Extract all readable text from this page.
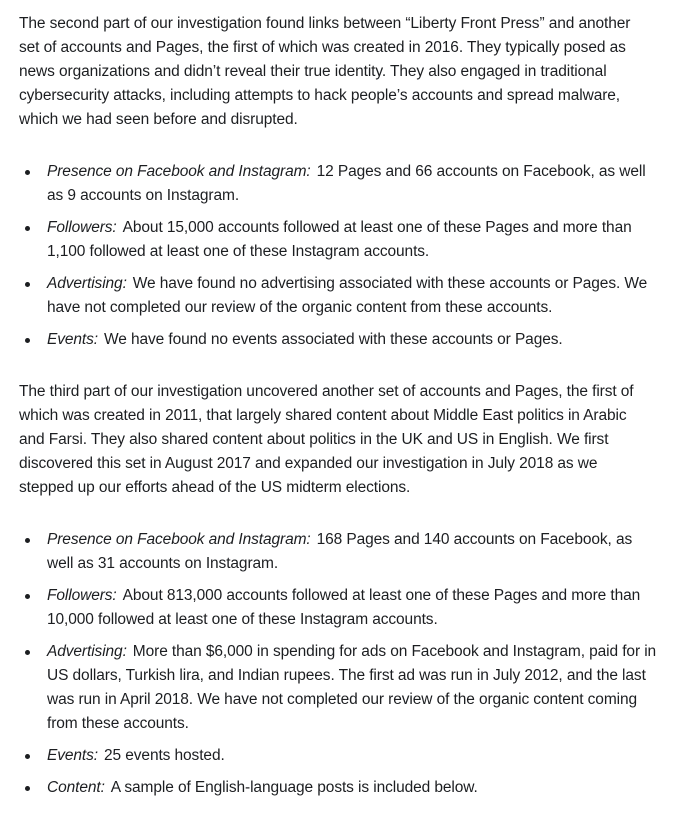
The second part of our investigation found links between “Liberty Front Press” and another set of accounts and Pages, the first of which was created in 2016. They typically posed as news organizations and didn’t reveal their true identity. They also engaged in traditional cybersecurity attacks, including attempts to hack people’s accounts and spread malware, which we had seen before and disrupted.

Presence on Facebook and Instagram: 12 Pages and 66 accounts on Facebook, as well as 9 accounts on Instagram.
Followers: About 15,000 accounts followed at least one of these Pages and more than 1,100 followed at least one of these Instagram accounts.
Advertising: We have found no advertising associated with these accounts or Pages. We have not completed our review of the organic content from these accounts.
Events: We have found no events associated with these accounts or Pages.

The third part of our investigation uncovered another set of accounts and Pages, the first of which was created in 2011, that largely shared content about Middle East politics in Arabic and Farsi. They also shared content about politics in the UK and US in English. We first discovered this set in August 2017 and expanded our investigation in July 2018 as we stepped up our efforts ahead of the US midterm elections.

Presence on Facebook and Instagram: 168 Pages and 140 accounts on Facebook, as well as 31 accounts on Instagram.
Followers: About 813,000 accounts followed at least one of these Pages and more than 10,000 followed at least one of these Instagram accounts.
Advertising: More than $6,000 in spending for ads on Facebook and Instagram, paid for in US dollars, Turkish lira, and Indian rupees. The first ad was run in July 2012, and the last was run in April 2018. We have not completed our review of the organic content coming from these accounts.
Events: 25 events hosted.
Content: A sample of English-language posts is included below.
